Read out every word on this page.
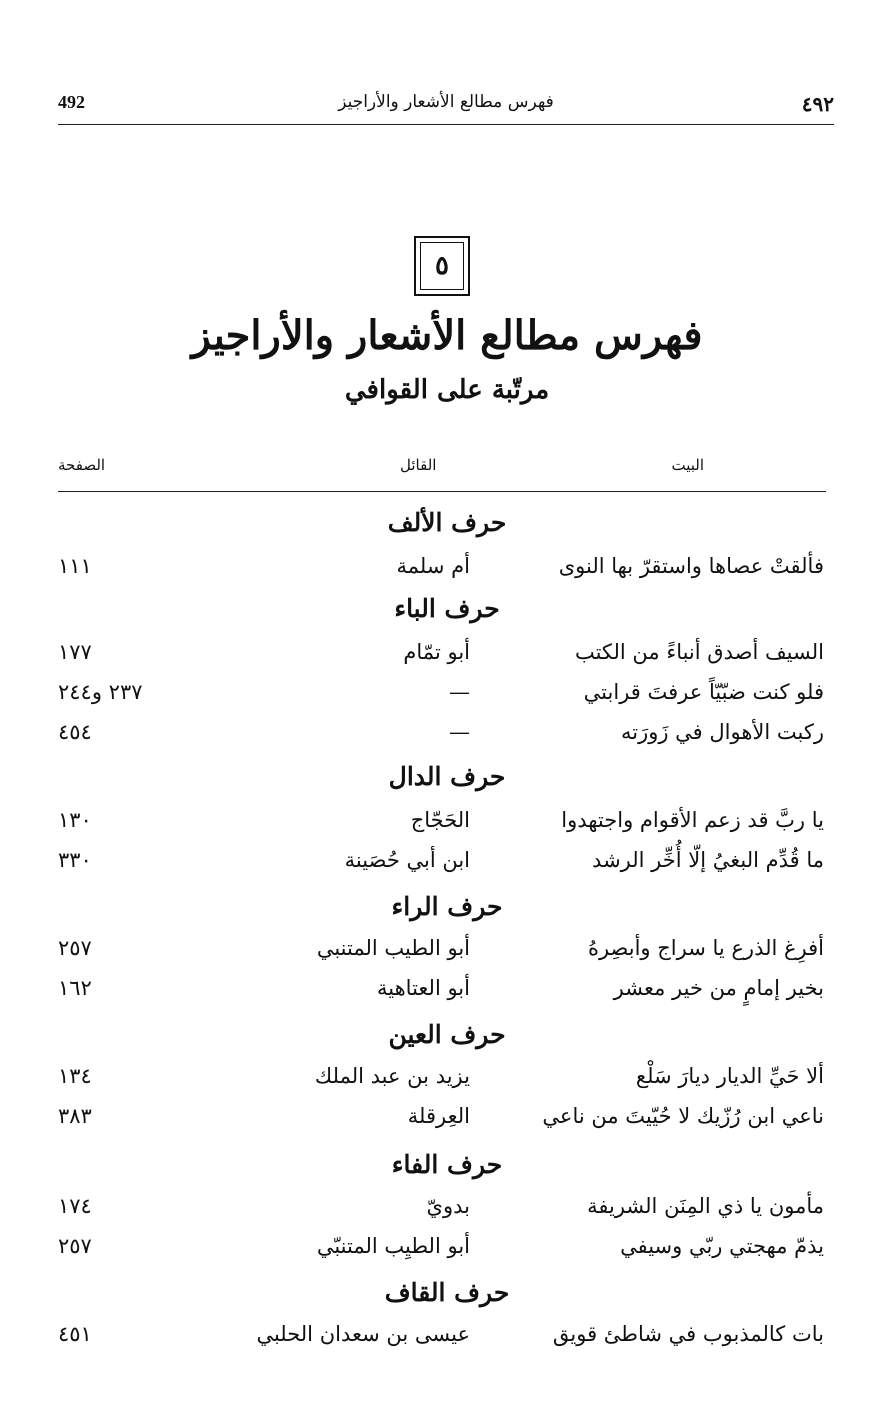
492	فهرس مطالع الأشعار والأراجيز	٤٩٢
٥
فهرس مطالع الأشعار والأراجيز
مرتّبة على القوافي
البيت
القائل
الصفحة
حرف الألف
فألقتْ عصاها واستقرّ بها النوى
أم سلمة
١١١
حرف الباء
السيف أصدق أنباءً من الكتب
أبو تمّام
١٧٧
فلو كنت ضبّيّاً عرفتَ قرابتي
—
٢٣٧ و٢٤٤
ركبت الأهوال في زَورَته
—
٤٥٤
حرف الدال
يا ربَّ قد زعم الأقوام واجتهدوا
الحَجّاج
١٣٠
ما قُدِّم البغيُ إلّا أُخِّر الرشد
ابن أبي حُصَينة
٣٣٠
حرف الراء
أفرِغ الذرع يا سراج وأبصِرهُ
أبو الطيب المتنبي
٢٥٧
بخير إمامٍ من خير معشر
أبو العتاهية
١٦٢
حرف العين
ألا حَيِّ الديار ديارَ سَلْع
يزيد بن عبد الملك
١٣٤
ناعي ابن رُزّيك لا حُيّيتَ من ناعي
العِرقلة
٣٨٣
حرف الفاء
مأمون يا ذي المِنَن الشريفة
بدويّ
١٧٤
يذمّ مهجتي ربّي وسيفي
أبو الطيِب المتنبّي
٢٥٧
حرف القاف
بات كالمذبوب في شاطئ قويق
عيسى بن سعدان الحلبي
٤٥١
